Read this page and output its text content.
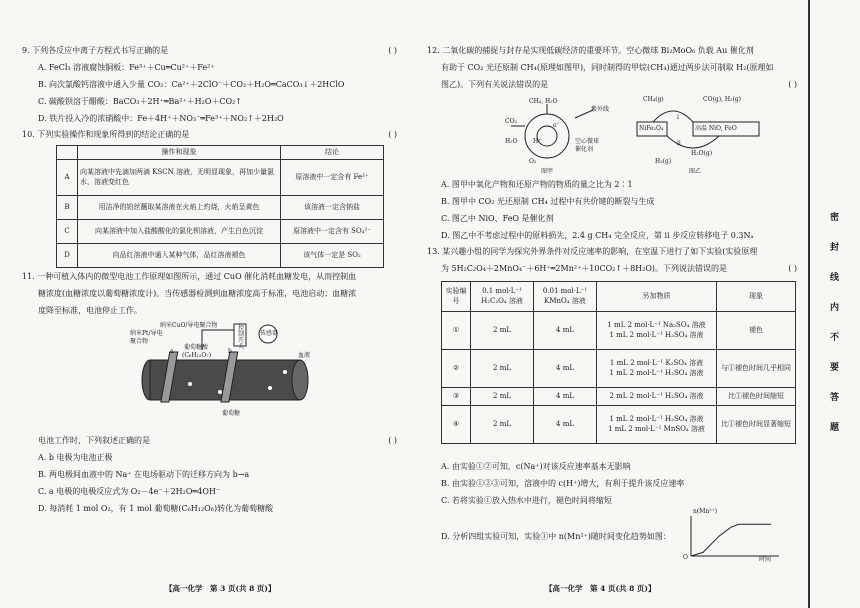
9. 下列各反应中离子方程式书写正确的是	( )
A. FeCl₃ 溶液腐蚀铜板：Fe³⁺＋Cu═Cu²⁺＋Fe²⁺
B. 向次氯酸钙溶液中通入少量 CO₂：Ca²⁺＋2ClO⁻＋CO₂＋H₂O═CaCO₃↓＋2HClO
C. 碳酸钡溶于醋酸：BaCO₃＋2H⁺═Ba²⁺＋H₂O＋CO₂↑
D. 铁片投入冷的浓硝酸中：Fe＋4H⁺＋NO₃⁻═Fe³⁺＋NO₂↑＋2H₂O
10. 下列实验操作和现象所得到的结论正确的是	( )
	操作和现象	结论
A	向某溶液中先滴加两滴 KSCN 溶液，无明显现象，再加少量氯水，溶液变红色	原溶液中一定含有 Fe²⁺
B	用洁净的铂丝蘸取某溶液在火焰上灼烧，火焰呈黄色	该溶液一定含钠盐
C	向某溶液中加入盐酸酸化的氯化钡溶液，产生白色沉淀	原溶液中一定含有 SO₄²⁻
D	向品红溶液中通入某种气体，品红溶液褪色	该气体一定是 SO₂
11. 一种可植入体内的微型电池工作原理如图所示，通过 CuO 催化消耗血糖发电，从而控制血
糖浓度(血糖浓度以葡萄糖浓度计)。当传感器检测到血糖浓度高于标准，电池启动；血糖浓
度降至标准，电池停止工作。
纳米Pt/导电
聚合物
纳米CuO/导电聚合物
葡萄糖酸
(C₆H₁₂O₇)
控制开关
传感器
血液
葡萄糖
a	b
电池工作时，下列叙述正确的是	( )
A. b 电极为电池正极
B. 两电极间血液中的 Na⁺ 在电场驱动下的迁移方向为 b→a
C. a 电极的电极反应式为 O₂－4e⁻＋2H₂O═4OH⁻
D. 每消耗 1 mol O₂，有 1 mol 葡萄糖(C₆H₁₂O₆)转化为葡萄糖酸
【高一化学　第 3 页(共 8 页)】
12. 二氧化碳的捕捉与封存是实现低碳经济的重要环节。空心微球 Bi₂MoO₆ 负载 Au 催化剂
有助于 CO₂ 光还原制 CH₄(原理如图甲)，同时制得的甲烷(CH₄)通过两步法可制取 H₂(原理如
图乙)。下列有关说法错误的是	( )
CH₄, H₂O
CO₂
H₂O
O₂
H⁺
e⁻
紫外线
空心微球
催化剂
图甲
CH₄(g)	CO(g), H₂(g)
NiFe₂O₄	高温 NiO, FeO
H₂O(g)
H₂(g)
i
ii
图乙
A. 图甲中氧化产物和还原产物的物质的量之比为 2∶1
B. 图甲中 CO₂ 光还原制 CH₄ 过程中有共价键的断裂与生成
C. 图乙中 NiO、FeO 是催化剂
D. 图乙中不考虑过程中的原料损失，2.4 g CH₄ 完全反应，第 ii 步反应转移电子 0.3Nₐ
13. 某兴趣小组的同学为探究外界条件对反应速率的影响，在室温下进行了如下实验(实验原理
为 5H₂C₂O₄＋2MnO₄⁻＋6H⁺═2Mn²⁺＋10CO₂↑＋8H₂O)。下列说法错误的是	( )
实验编号	0.1 mol·L⁻¹ H₂C₂O₄ 溶液	0.01 mol·L⁻¹ KMnO₄ 溶液	另加物质	现象
①	2 mL	4 mL	1 mL 2 mol·L⁻¹ Na₂SO₄ 溶液
1 mL 2 mol·L⁻¹ H₂SO₄ 溶液	褪色
②	2 mL	4 mL	1 mL 2 mol·L⁻¹ K₂SO₄ 溶液
1 mL 2 mol·L⁻¹ H₂SO₄ 溶液	与①褪色时间几乎相同
③	2 mL	4 mL	2 mL 2 mol·L⁻¹ H₂SO₄ 溶液	比①褪色时间缩短
④	2 mL	4 mL	1 mL 2 mol·L⁻¹ H₂SO₄ 溶液
1 mL 2 mol·L⁻¹ MnSO₄ 溶液	比①褪色时间显著缩短
A. 由实验①②可知，c(Na⁺)对该反应速率基本无影响
B. 由实验①②③可知，溶液中的 c(H⁺)增大，有利于提升该反应速率
C. 若将实验①放入热水中进行，褪色时间将缩短
D. 分析四组实验可知，实验①中 n(Mn²⁺)随时间变化趋势如图：
n(Mn²⁺)
时间
O
【高一化学　第 4 页(共 8 页)】
密
封
线
内
不
要
答
题
